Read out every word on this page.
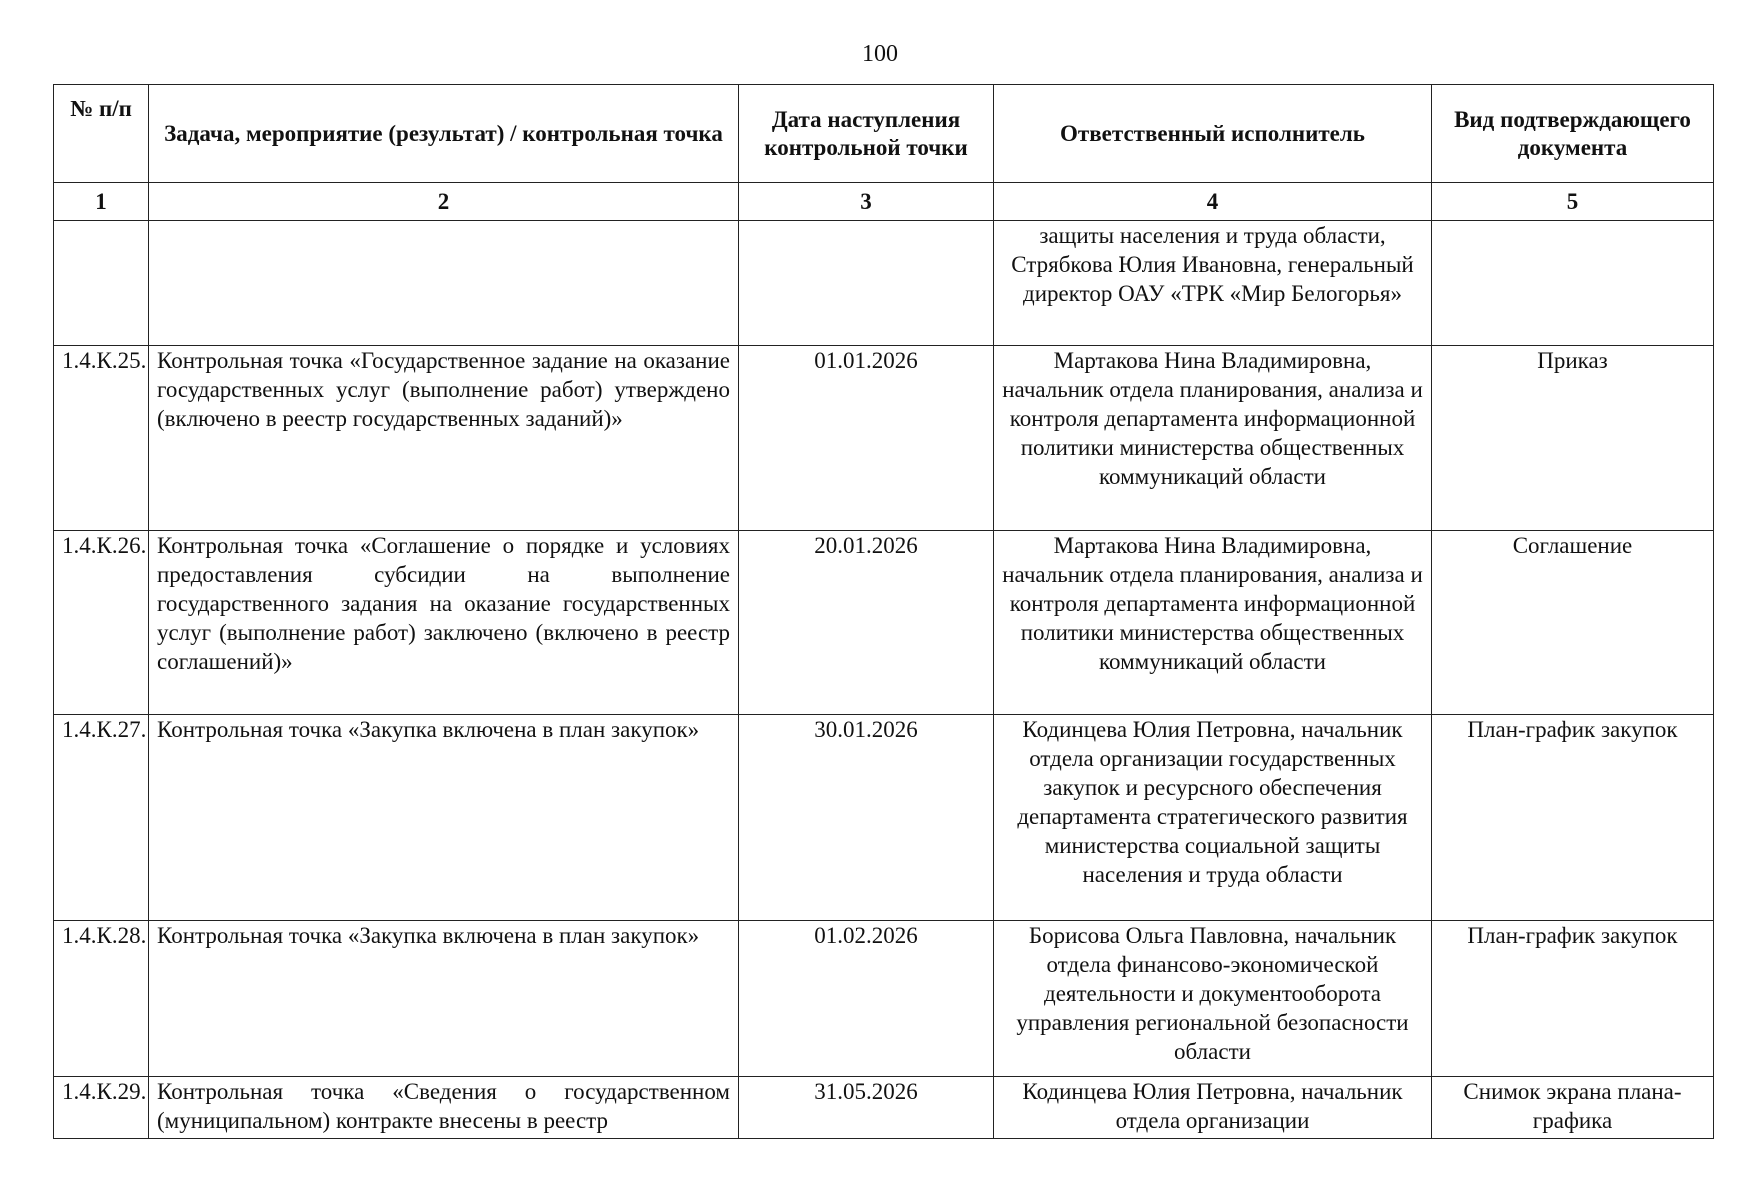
100
№ п/п	Задача, мероприятие (результат) / контрольная точка	Дата наступления контрольной точки	Ответственный исполнитель	Вид подтверждающего документа
1	2	3	4	5
			защиты населения и труда области, Стрябкова Юлия Ивановна, генеральный директор ОАУ «ТРК «Мир Белогорья»	
1.4.К.25.	Контрольная точка «Государственное задание на оказание государственных услуг (выполнение работ) утверждено (включено в реестр государственных заданий)»	01.01.2026	Мартакова Нина Владимировна, начальник отдела планирования, анализа и контроля департамента информационной политики министерства общественных коммуникаций области	Приказ
1.4.К.26.	Контрольная точка «Соглашение о порядке и условиях предоставления субсидии на выполнение государственного задания на оказание государственных услуг (выполнение работ) заключено (включено в реестр соглашений)»	20.01.2026	Мартакова Нина Владимировна, начальник отдела планирования, анализа и контроля департамента информационной политики министерства общественных коммуникаций области	Соглашение
1.4.К.27.	Контрольная точка «Закупка включена в план закупок»	30.01.2026	Кодинцева Юлия Петровна, начальник отдела организации государственных закупок и ресурсного обеспечения департамента стратегического развития министерства социальной защиты населения и труда области	План-график закупок
1.4.К.28.	Контрольная точка «Закупка включена в план закупок»	01.02.2026	Борисова Ольга Павловна, начальник отдела финансово-экономической деятельности и документооборота управления региональной безопасности области	План-график закупок
1.4.К.29.	Контрольная точка «Сведения о государственном (муниципальном) контракте внесены в реестр	31.05.2026	Кодинцева Юлия Петровна, начальник отдела организации	Снимок экрана плана-графика
